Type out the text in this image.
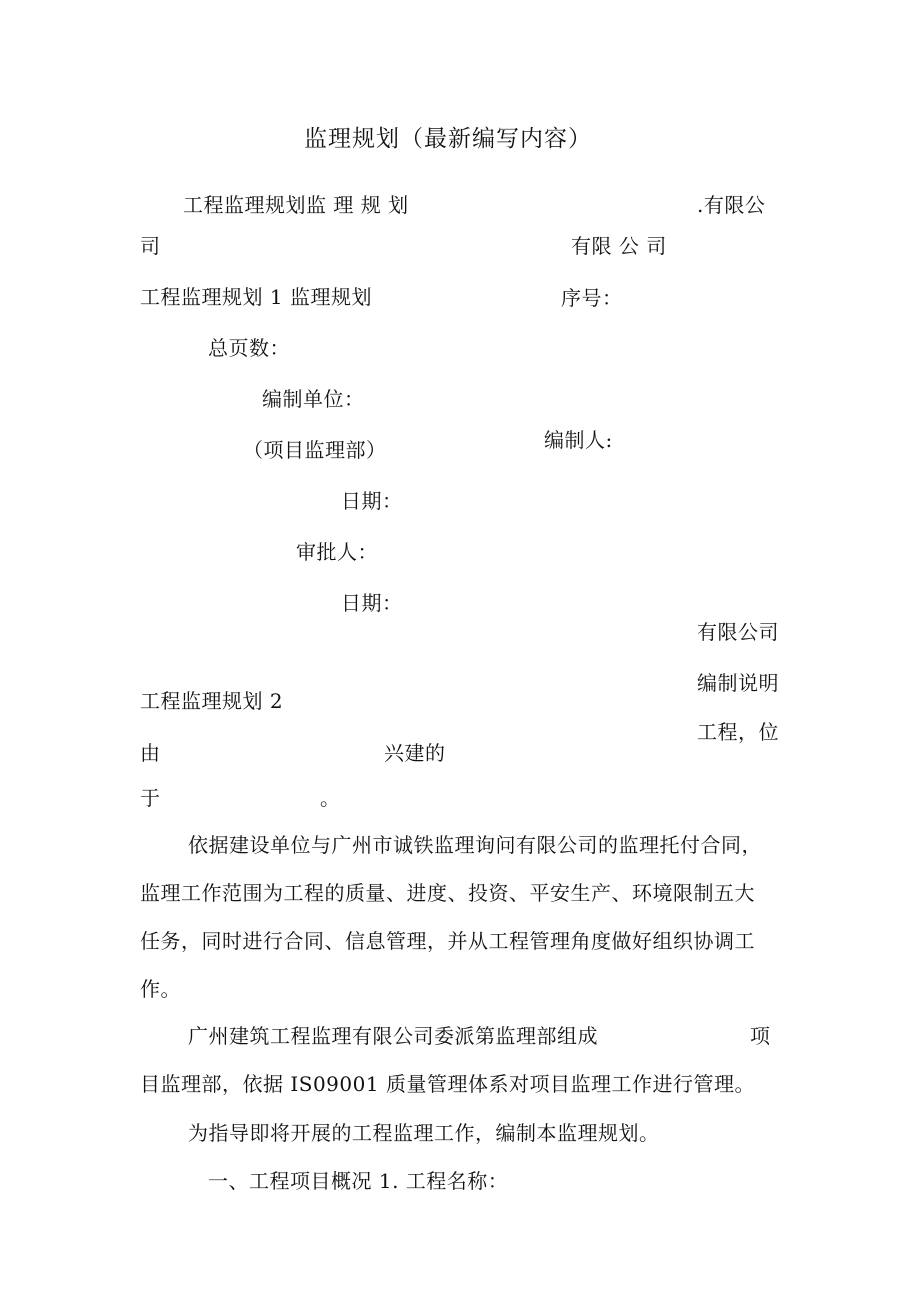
监理规划（最新编写内容）
工程监理规划监 理 规 划	.有限公
司	有限 公 司
工程监理规划 1 监理规划	序号：
总页数：
编制单位：
编制人:
（项目监理部）
日期：
审批人：
日期：
有限公司
编制说明
工程监理规划 2
工程，位
由	兴建的
于	。
依据建设单位与广州市诚铁监理询问有限公司的监理托付合同，
监理工作范围为工程的质量、进度、投资、平安生产、环境限制五大
任务，同时进行合同、信息管理，并从工程管理角度做好组织协调工
作。
广州建筑工程监理有限公司委派第监理部组成	项
目监理部，依据 IS09001 质量管理体系对项目监理工作进行管理。
为指导即将开展的工程监理工作，编制本监理规划。
一、工程项目概况 1. 工程名称：
